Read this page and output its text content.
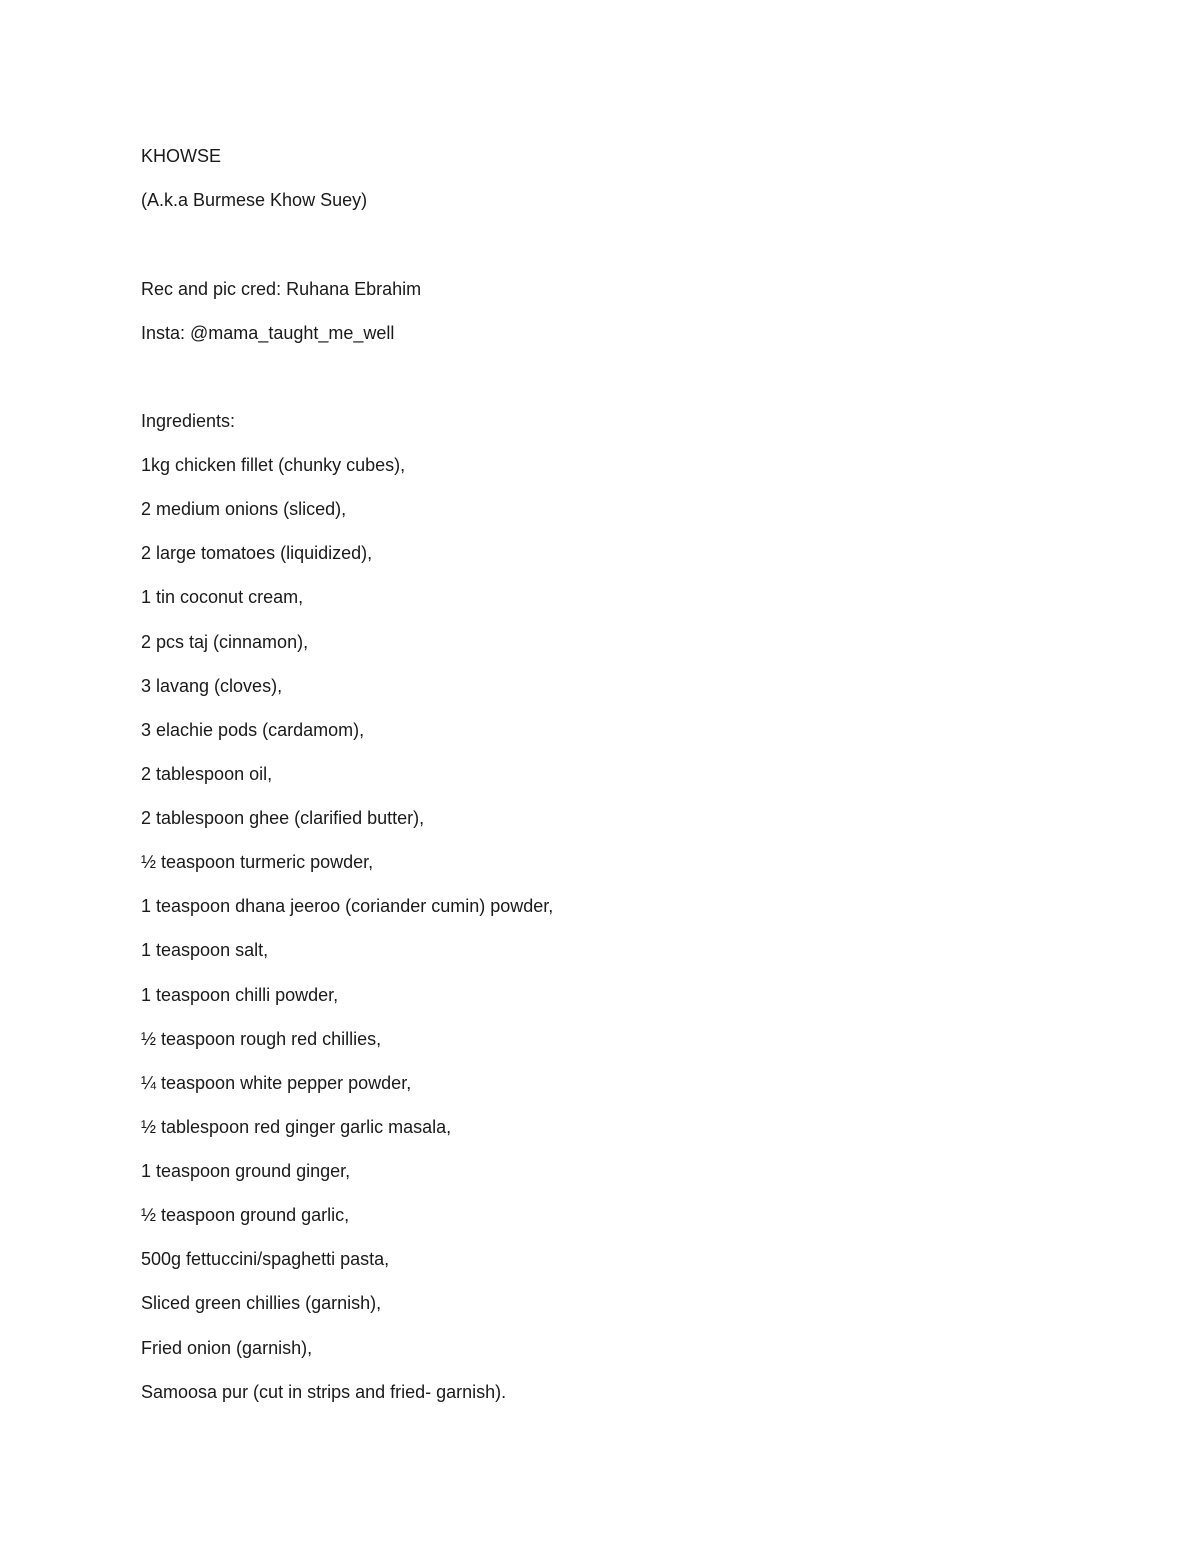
KHOWSE
(A.k.a Burmese Khow Suey)
Rec and pic cred: Ruhana Ebrahim
Insta: @mama_taught_me_well
Ingredients:
1kg chicken fillet (chunky cubes),
2 medium onions (sliced),
2 large tomatoes (liquidized),
1 tin coconut cream,
2 pcs taj (cinnamon),
3 lavang (cloves),
3 elachie pods (cardamom),
2 tablespoon oil,
2 tablespoon ghee (clarified butter),
½ teaspoon turmeric powder,
1 teaspoon dhana jeeroo (coriander cumin) powder,
1 teaspoon salt,
1 teaspoon chilli powder,
½ teaspoon rough red chillies,
¼ teaspoon white pepper powder,
½ tablespoon red ginger garlic masala,
1 teaspoon ground ginger,
½ teaspoon ground garlic,
500g fettuccini/spaghetti pasta,
Sliced green chillies (garnish),
Fried onion (garnish),
Samoosa pur (cut in strips and fried- garnish).
